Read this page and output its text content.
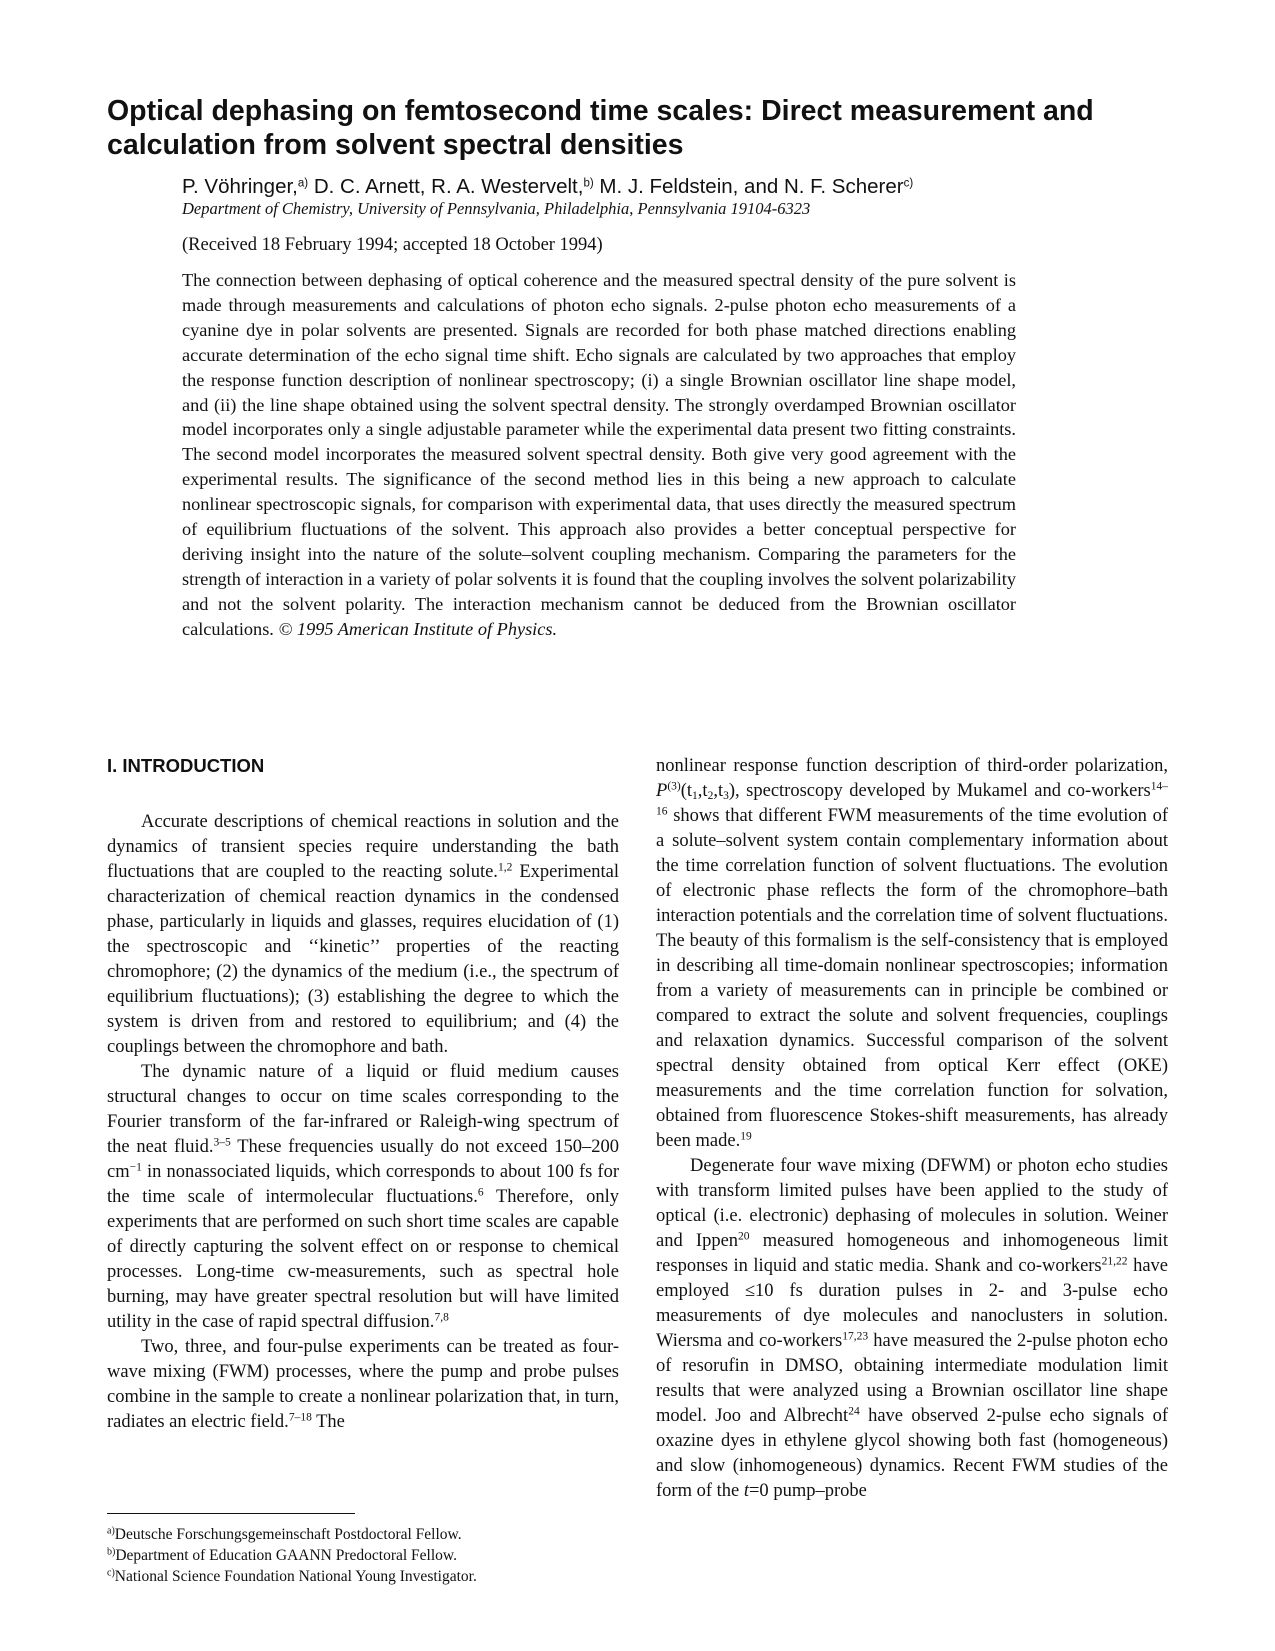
Optical dephasing on femtosecond time scales: Direct measurement and calculation from solvent spectral densities
P. Vöhringer,$^{a)}$ D. C. Arnett, R. A. Westervelt,$^{b)}$ M. J. Feldstein, and N. F. Scherer$^{c)}$
Department of Chemistry, University of Pennsylvania, Philadelphia, Pennsylvania 19104-6323
(Received 18 February 1994; accepted 18 October 1994)

The connection between dephasing of optical coherence and the measured spectral density of the pure solvent is made through measurements and calculations of photon echo signals. 2-pulse photon echo measurements of a cyanine dye in polar solvents are presented. Signals are recorded for both phase matched directions enabling accurate determination of the echo signal time shift. Echo signals are calculated by two approaches that employ the response function description of nonlinear spectroscopy; (i) a single Brownian oscillator line shape model, and (ii) the line shape obtained using the solvent spectral density. The strongly overdamped Brownian oscillator model incorporates only a single adjustable parameter while the experimental data present two fitting constraints. The second model incorporates the measured solvent spectral density. Both give very good agreement with the experimental results. The significance of the second method lies in this being a new approach to calculate nonlinear spectroscopic signals, for comparison with experimental data, that uses directly the measured spectrum of equilibrium fluctuations of the solvent. This approach also provides a better conceptual perspective for deriving insight into the nature of the solute–solvent coupling mechanism. Comparing the parameters for the strength of interaction in a variety of polar solvents it is found that the coupling involves the solvent polarizability and not the solvent polarity. The interaction mechanism cannot be deduced from the Brownian oscillator calculations. © 1995 American Institute of Physics.

I. INTRODUCTION

Accurate descriptions of chemical reactions in solution and the dynamics of transient species require understanding the bath fluctuations that are coupled to the reacting solute.$^{1,2}$ Experimental characterization of chemical reaction dynamics in the condensed phase, particularly in liquids and glasses, requires elucidation of (1) the spectroscopic and ‘‘kinetic’’ properties of the reacting chromophore; (2) the dynamics of the medium (i.e., the spectrum of equilibrium fluctuations); (3) establishing the degree to which the system is driven from and restored to equilibrium; and (4) the couplings between the chromophore and bath.

The dynamic nature of a liquid or fluid medium causes structural changes to occur on time scales corresponding to the Fourier transform of the far-infrared or Raleigh-wing spectrum of the neat fluid.$^{3-5}$ These frequencies usually do not exceed 150–200 $cm^{-1}$ in nonassociated liquids, which corresponds to about 100 fs for the time scale of intermolecular fluctuations.$^6$ Therefore, only experiments that are performed on such short time scales are capable of directly capturing the solvent effect on or response to chemical processes. Long-time cw-measurements, such as spectral hole burning, may have greater spectral resolution but will have limited utility in the case of rapid spectral diffusion.$^{7,8}$

Two, three, and four-pulse experiments can be treated as four-wave mixing (FWM) processes, where the pump and probe pulses combine in the sample to create a nonlinear polarization that, in turn, radiates an electric field.$^{7-18}$ The

nonlinear response function description of third-order polarization, $P^{(3)}(t_1,t_2,t_3)$, spectroscopy developed by Mukamel and co-workers$^{14-16}$ shows that different FWM measurements of the time evolution of a solute–solvent system contain complementary information about the time correlation function of solvent fluctuations. The evolution of electronic phase reflects the form of the chromophore–bath interaction potentials and the correlation time of solvent fluctuations. The beauty of this formalism is the self-consistency that is employed in describing all time-domain nonlinear spectroscopies; information from a variety of measurements can in principle be combined or compared to extract the solute and solvent frequencies, couplings and relaxation dynamics. Successful comparison of the solvent spectral density obtained from optical Kerr effect (OKE) measurements and the time correlation function for solvation, obtained from fluorescence Stokes-shift measurements, has already been made.$^{19}$

Degenerate four wave mixing (DFWM) or photon echo studies with transform limited pulses have been applied to the study of optical (i.e. electronic) dephasing of molecules in solution. Weiner and Ippen$^{20}$ measured homogeneous and inhomogeneous limit responses in liquid and static media. Shank and co-workers$^{21,22}$ have employed ≤10 fs duration pulses in 2- and 3-pulse echo measurements of dye molecules and nanoclusters in solution. Wiersma and co-workers$^{17,23}$ have measured the 2-pulse photon echo of resorufin in DMSO, obtaining intermediate modulation limit results that were analyzed using a Brownian oscillator line shape model. Joo and Albrecht$^{24}$ have observed 2-pulse echo signals of oxazine dyes in ethylene glycol showing both fast (homogeneous) and slow (inhomogeneous) dynamics. Recent FWM studies of the form of the t=0 pump–probe

$^{a)}$Deutsche Forschungsgemeinschaft Postdoctoral Fellow.

$^{b)}$Department of Education GAANN Predoctoral Fellow.

$^{c)}$National Science Foundation National Young Investigator.
